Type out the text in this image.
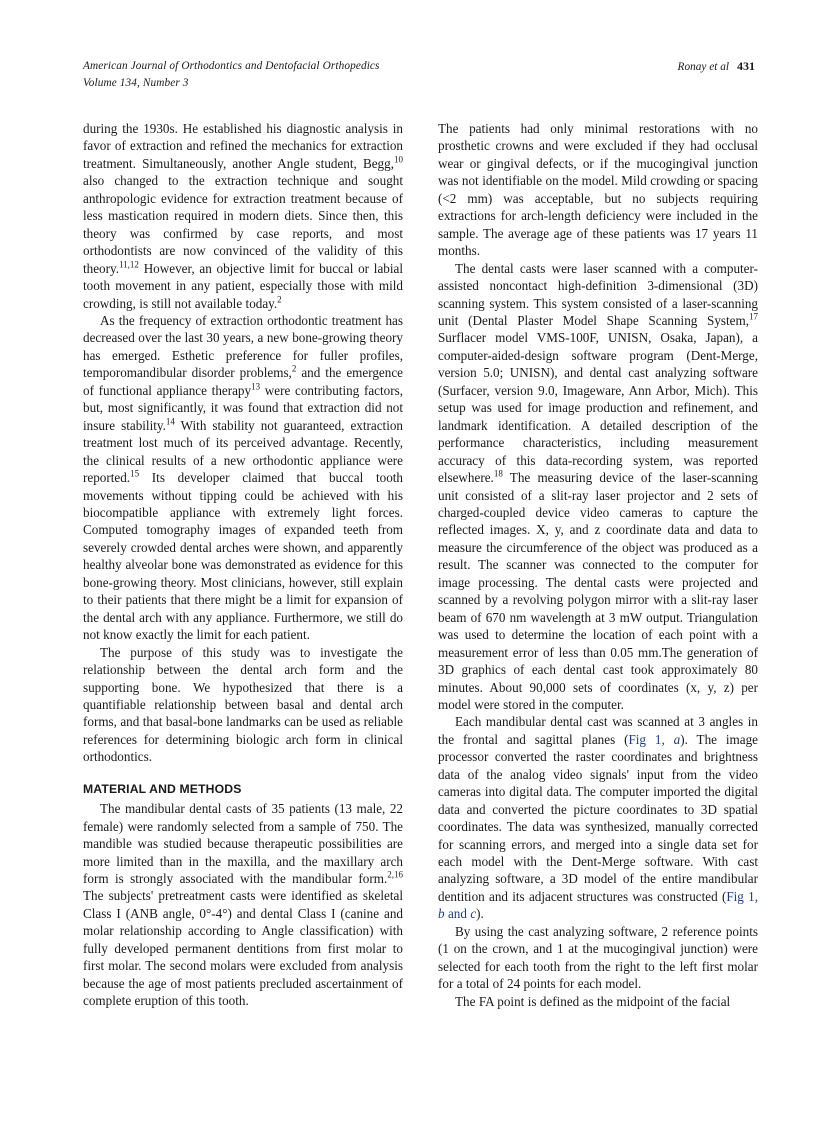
American Journal of Orthodontics and Dentofacial Orthopedics
Volume 134, Number 3
Ronay et al 431

during the 1930s. He established his diagnostic analysis in favor of extraction and refined the mechanics for extraction treatment. Simultaneously, another Angle student, Begg,$^{10}$ also changed to the extraction technique and sought anthropologic evidence for extraction treatment because of less mastication required in modern diets. Since then, this theory was confirmed by case reports, and most orthodontists are now convinced of the validity of this theory.$^{11,12}$ However, an objective limit for buccal or labial tooth movement in any patient, especially those with mild crowding, is still not available today.$^2$

As the frequency of extraction orthodontic treatment has decreased over the last 30 years, a new bone-growing theory has emerged. Esthetic preference for fuller profiles, temporomandibular disorder problems,$^2$ and the emergence of functional appliance therapy$^{13}$ were contributing factors, but, most significantly, it was found that extraction did not insure stability.$^{14}$ With stability not guaranteed, extraction treatment lost much of its perceived advantage. Recently, the clinical results of a new orthodontic appliance were reported.$^{15}$ Its developer claimed that buccal tooth movements without tipping could be achieved with his biocompatible appliance with extremely light forces. Computed tomography images of expanded teeth from severely crowded dental arches were shown, and apparently healthy alveolar bone was demonstrated as evidence for this bone-growing theory. Most clinicians, however, still explain to their patients that there might be a limit for expansion of the dental arch with any appliance. Furthermore, we still do not know exactly the limit for each patient.

The purpose of this study was to investigate the relationship between the dental arch form and the supporting bone. We hypothesized that there is a quantifiable relationship between basal and dental arch forms, and that basal-bone landmarks can be used as reliable references for determining biologic arch form in clinical orthodontics.

MATERIAL AND METHODS

The mandibular dental casts of 35 patients (13 male, 22 female) were randomly selected from a sample of 750. The mandible was studied because therapeutic possibilities are more limited than in the maxilla, and the maxillary arch form is strongly associated with the mandibular form.$^{2,16}$ The subjects' pretreatment casts were identified as skeletal Class I (ANB angle, 0°-4°) and dental Class I (canine and molar relationship according to Angle classification) with fully developed permanent dentitions from first molar to first molar. The second molars were excluded from analysis because the age of most patients precluded ascertainment of complete eruption of this tooth.

The patients had only minimal restorations with no prosthetic crowns and were excluded if they had occlusal wear or gingival defects, or if the mucogingival junction was not identifiable on the model. Mild crowding or spacing (<2 mm) was acceptable, but no subjects requiring extractions for arch-length deficiency were included in the sample. The average age of these patients was 17 years 11 months.

The dental casts were laser scanned with a computer-assisted noncontact high-definition 3-dimensional (3D) scanning system. This system consisted of a laser-scanning unit (Dental Plaster Model Shape Scanning System,$^{17}$ Surflacer model VMS-100F, UNISN, Osaka, Japan), a computer-aided-design software program (Dent-Merge, version 5.0; UNISN), and dental cast analyzing software (Surfacer, version 9.0, Imageware, Ann Arbor, Mich). This setup was used for image production and refinement, and landmark identification. A detailed description of the performance characteristics, including measurement accuracy of this data-recording system, was reported elsewhere.$^{18}$ The measuring device of the laser-scanning unit consisted of a slit-ray laser projector and 2 sets of charged-coupled device video cameras to capture the reflected images. X, y, and z coordinate data and data to measure the circumference of the object was produced as a result. The scanner was connected to the computer for image processing. The dental casts were projected and scanned by a revolving polygon mirror with a slit-ray laser beam of 670 nm wavelength at 3 mW output. Triangulation was used to determine the location of each point with a measurement error of less than 0.05 mm.The generation of 3D graphics of each dental cast took approximately 80 minutes. About 90,000 sets of coordinates (x, y, z) per model were stored in the computer.

Each mandibular dental cast was scanned at 3 angles in the frontal and sagittal planes (Fig 1, a). The image processor converted the raster coordinates and brightness data of the analog video signals' input from the video cameras into digital data. The computer imported the digital data and converted the picture coordinates to 3D spatial coordinates. The data was synthesized, manually corrected for scanning errors, and merged into a single data set for each model with the Dent-Merge software. With cast analyzing software, a 3D model of the entire mandibular dentition and its adjacent structures was constructed (Fig 1, b and c).

By using the cast analyzing software, 2 reference points (1 on the crown, and 1 at the mucogingival junction) were selected for each tooth from the right to the left first molar for a total of 24 points for each model.

The FA point is defined as the midpoint of the facial
